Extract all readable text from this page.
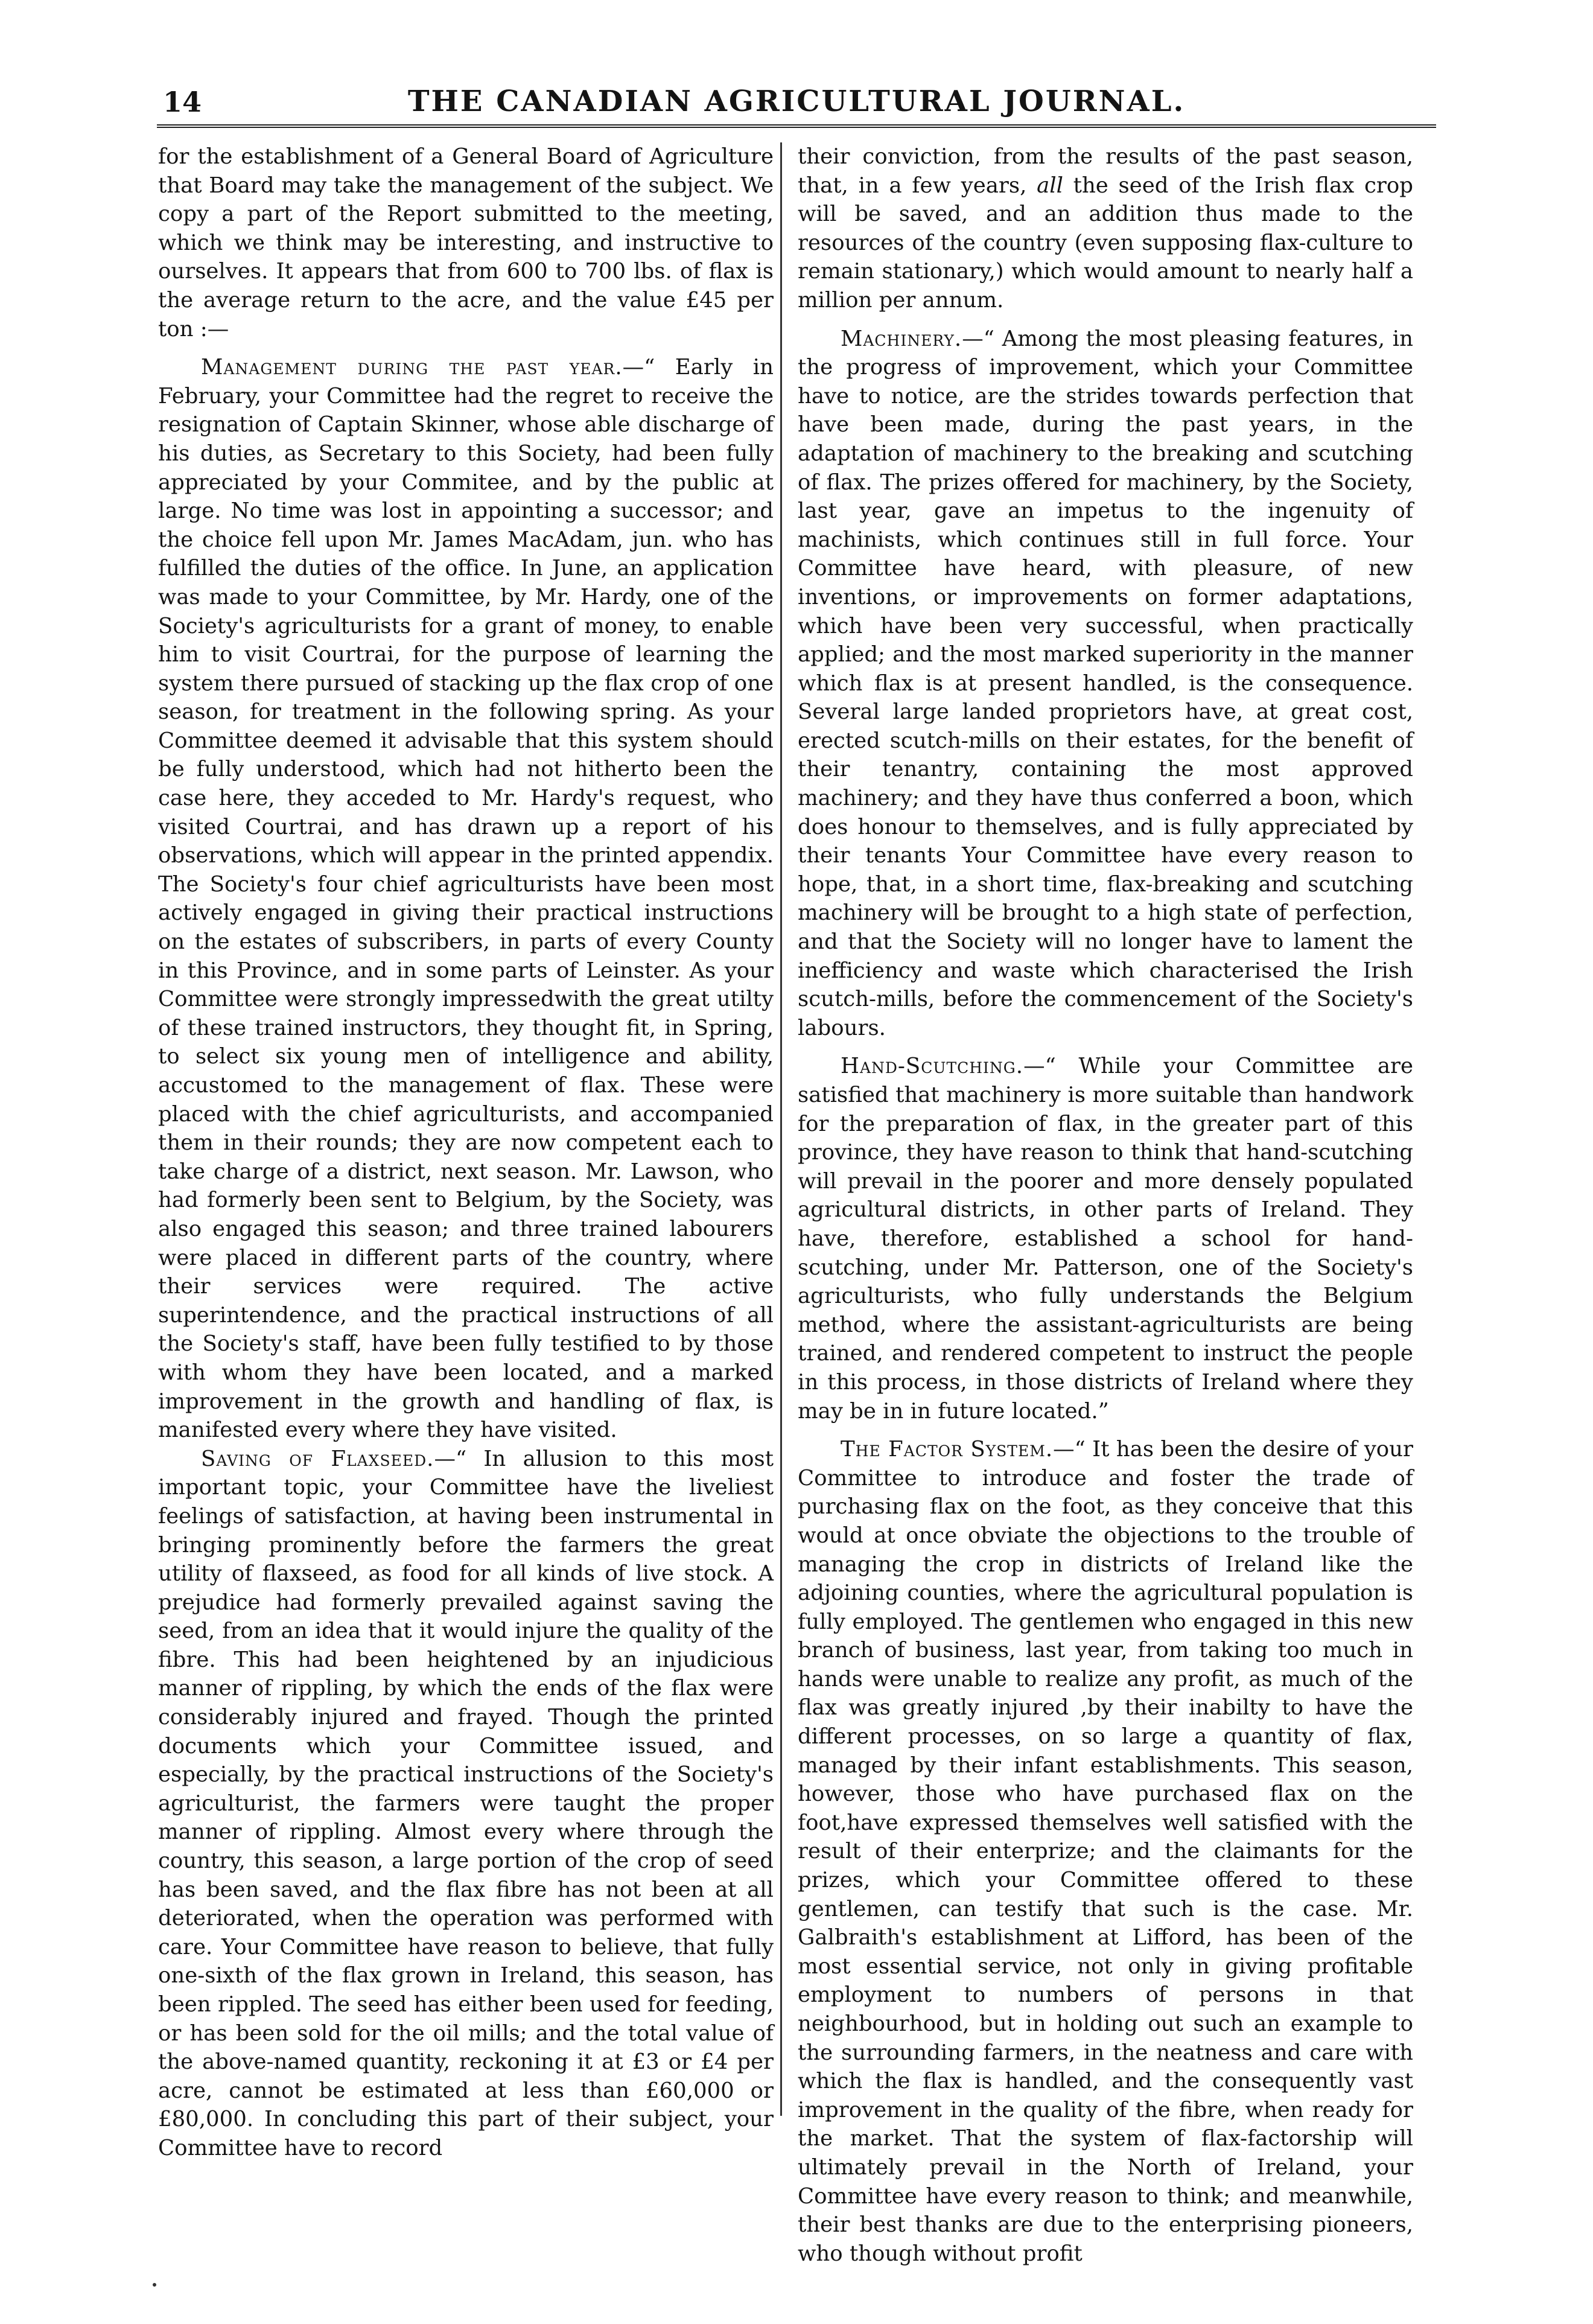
14	THE CANADIAN AGRICULTURAL JOURNAL.

for the establishment of a General Board of Agriculture that Board may take the management of the subject. We copy a part of the Report submitted to the meeting, which we think may be interesting, and instructive to ourselves. It appears that from 600 to 700 lbs. of flax is the average return to the acre, and the value £45 per ton :—

Management during the past year.—“ Early in February, your Committee had the regret to receive the resignation of Captain Skinner, whose able discharge of his duties, as Secretary to this Society, had been fully appreciated by your Commitee, and by the public at large. No time was lost in appointing a successor; and the choice fell upon Mr. James MacAdam, jun. who has fulfilled the duties of the office. In June, an application was made to your Committee, by Mr. Hardy, one of the Society's agriculturists for a grant of money, to enable him to visit Courtrai, for the purpose of learning the system there pursued of stacking up the flax crop of one season, for treatment in the following spring. As your Committee deemed it advisable that this system should be fully understood, which had not hitherto been the case here, they acceded to Mr. Hardy's request, who visited Courtrai, and has drawn up a report of his observations, which will appear in the printed appendix. The Society's four chief agriculturists have been most actively engaged in giving their practical instructions on the estates of subscribers, in parts of every County in this Province, and in some parts of Leinster. As your Committee were strongly impressedwith the great utilty of these trained instructors, they thought fit, in Spring, to select six young men of intelligence and ability, accustomed to the management of flax. These were placed with the chief agriculturists, and accompanied them in their rounds; they are now competent each to take charge of a district, next season. Mr. Lawson, who had formerly been sent to Belgium, by the Society, was also engaged this season; and three trained labourers were placed in different parts of the country, where their services were required. The active superintendence, and the practical instructions of all the Society's staff, have been fully testified to by those with whom they have been located, and a marked improvement in the growth and handling of flax, is manifested every where they have visited.

Saving of Flaxseed.—“ In allusion to this most important topic, your Committee have the liveliest feelings of satisfaction, at having been instrumental in bringing prominently before the farmers the great utility of flaxseed, as food for all kinds of live stock. A prejudice had formerly prevailed against saving the seed, from an idea that it would injure the quality of the fibre. This had been heightened by an injudicious manner of rippling, by which the ends of the flax were considerably injured and frayed. Though the printed documents which your Committee issued, and especially, by the practical instructions of the Society's agriculturist, the farmers were taught the proper manner of rippling. Almost every where through the country, this season, a large portion of the crop of seed has been saved, and the flax fibre has not been at all deteriorated, when the operation was performed with care. Your Committee have reason to believe, that fully one-sixth of the flax grown in Ireland, this season, has been rippled. The seed has either been used for feeding, or has been sold for the oil mills; and the total value of the above-named quantity, reckoning it at £3 or £4 per acre, cannot be estimated at less than £60,000 or £80,000. In concluding this part of their subject, your Committee have to record

their conviction, from the results of the past season, that, in a few years, all the seed of the Irish flax crop will be saved, and an addition thus made to the resources of the country (even supposing flax-culture to remain stationary,) which would amount to nearly half a million per annum.

Machinery.—“ Among the most pleasing features, in the progress of improvement, which your Committee have to notice, are the strides towards perfection that have been made, during the past years, in the adaptation of machinery to the breaking and scutching of flax. The prizes offered for machinery, by the Society, last year, gave an impetus to the ingenuity of machinists, which continues still in full force. Your Committee have heard, with pleasure, of new inventions, or improvements on former adaptations, which have been very successful, when practically applied; and the most marked superiority in the manner which flax is at present handled, is the consequence. Several large landed proprietors have, at great cost, erected scutch-mills on their estates, for the benefit of their tenantry, containing the most approved machinery; and they have thus conferred a boon, which does honour to themselves, and is fully appreciated by their tenants Your Committee have every reason to hope, that, in a short time, flax-breaking and scutching machinery will be brought to a high state of perfection, and that the Society will no longer have to lament the inefficiency and waste which characterised the Irish scutch-mills, before the commencement of the Society's labours.

Hand-Scutching.—“ While your Committee are satisfied that machinery is more suitable than handwork for the preparation of flax, in the greater part of this province, they have reason to think that hand-scutching will prevail in the poorer and more densely populated agricultural districts, in other parts of Ireland. They have, therefore, established a school for hand-scutching, under Mr. Patterson, one of the Society's agriculturists, who fully understands the Belgium method, where the assistant-agriculturists are being trained, and rendered competent to instruct the people in this process, in those districts of Ireland where they may be in in future located.”

The Factor System.—“ It has been the desire of your Committee to introduce and foster the trade of purchasing flax on the foot, as they conceive that this would at once obviate the objections to the trouble of managing the crop in districts of Ireland like the adjoining counties, where the agricultural population is fully employed. The gentlemen who engaged in this new branch of business, last year, from taking too much in hands were unable to realize any profit, as much of the flax was greatly injured ,by their inabilty to have the different processes, on so large a quantity of flax, managed by their infant establishments. This season, however, those who have purchased flax on the foot,have expressed themselves well satisfied with the result of their enterprize; and the claimants for the prizes, which your Committee offered to these gentlemen, can testify that such is the case. Mr. Galbraith's establishment at Lifford, has been of the most essential service, not only in giving profitable employment to numbers of persons in that neighbourhood, but in holding out such an example to the surrounding farmers, in the neatness and care with which the flax is handled, and the consequently vast improvement in the quality of the fibre, when ready for the market. That the system of flax-factorship will ultimately prevail in the North of Ireland, your Committee have every reason to think; and meanwhile, their best thanks are due to the enterprising pioneers, who though without profit
